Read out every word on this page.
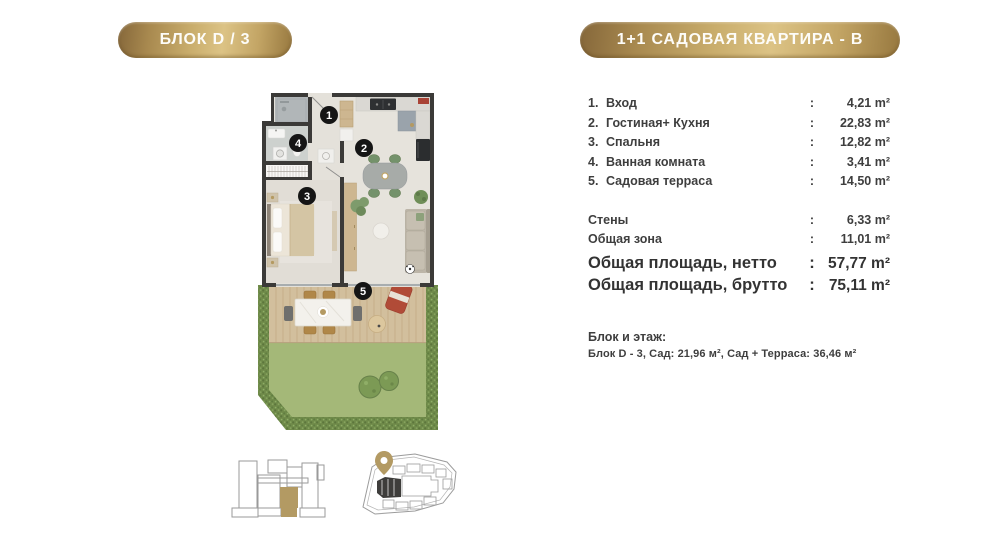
БЛОК D / 3	1+1 САДОВАЯ КВАРТИРА - В
1
2
3
4
5
1. Вход	:	4,21 m²
2. Гостиная+ Кухня	:	22,83 m²
3. Спальня	:	12,82 m²
4. Ванная комната	:	3,41 m²
5. Садовая терраса	:	14,50 m²
Стены	:	6,33 m²
Общая зона	:	11,01 m²
Общая площадь, нетто	: 57,77 m²
Общая площадь, брутто	: 75,11 m²
Блок и этаж:
Блок D - 3, Сад: 21,96 м², Сад + Терраса: 36,46 м²
